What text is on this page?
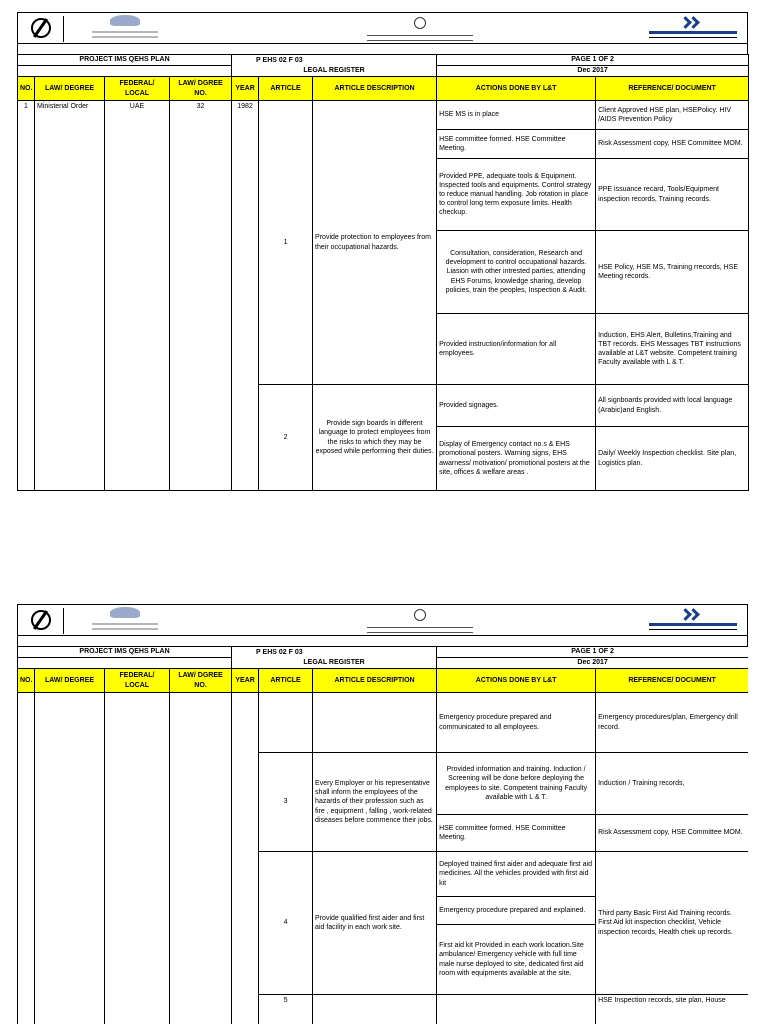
PROJECT IMS QEHS PLAN				P EHS 02 F 03			PAGE 1 OF 2	
				LEGAL REGISTER			Dec 2017	
NO.	LAW/ DEGREE	FEDERAL/ LOCAL	LAW/ DGREE NO.	YEAR	ARTICLE	ARTICLE DESCRIPTION	ACTIONS DONE BY L&T	REFERENCE/ DOCUMENT
1	Ministerial Order	UAE	32	1982	1	Provide protection to employees from their occupational hazards.	HSE MS is in place	Client Approved HSE plan, HSEPolicy. HIV /AIDS Prevention Policy
							HSE committee formed. HSE Committee Meeting.	Risk Assessment copy, HSE Committee MOM.
							Provided PPE, adequate tools & Equipment. Inspected tools and equipments. Control strategy to reduce manual handling. Job rotation in place to control long term exposure limits. Health checkup.	PPE issuance recard, Tools/Equipment inspection records, Training records.
							Consultation, consideration, Research and development to control occupational hazards. Liasion with other intrested parties, attending EHS Forums, knowledge sharing, develop policies, train the peoples, Inspection & Audit.	HSE Policy, HSE MS, Training rrecords, HSE Meeting records.
							Provided instruction/information for all employees.	Induction, EHS Alert, Bulletins,Training and TBT records. EHS Messages TBT instructions available at L&T website. Competent training Faculty available with L & T.
					2	Provide sign boards in different language to protect employees from the risks to which they may be exposed while performing their duties.	Provided signages.	All signboards provided with local language (Arabic)and English.
							Display of Emergency contact no.s & EHS promotional posters. Warning signs, EHS awarness/ motivation/ promotional posters at the site, offices & welfare areas .	Daily/ Weekly Inspection checklist. Site plan, Logistics plan.
PROJECT IMS QEHS PLAN				P EHS 02 F 03			PAGE 1 OF 2	
				LEGAL REGISTER			Dec 2017	
NO.	LAW/ DEGREE	FEDERAL/ LOCAL	LAW/ DGREE NO.	YEAR	ARTICLE	ARTICLE DESCRIPTION	ACTIONS DONE BY L&T	REFERENCE/ DOCUMENT
							Emergency procedure prepared and communicated to all employees.	Emergency procedures/plan, Emergency drill record.
					3	Every Employer or his representative shall inform the employees of the hazards of their profession such as fire , equipment , falling , work-related diseases before commence their jobs.	Provided information and training. Induction / Screening will be done before deploying the employees to site. Competent training Faculty available with L & T.	Induction / Training records,
							HSE committee formed. HSE Committee Meeting.	Risk Assessment copy, HSE Committee MOM.
					4	Provide qualified first aider and first aid facility in each work site.	Deployed trained first aider and adequate first aid medicines. All the vehicles provided with first aid kit	Third party Basic First Aid Training records. First Aid kit inspection checklist, Vehicle inspection records, Health chek up records.
							Emergency procedure prepared and explained.	
							First aid kit Provided in each work location.Site ambulance/ Emergency vehicle with full time male nurse deployed to site, dedicated first aid room with equipments available at the site.	
					5			HSE Inspection records, site plan, House
